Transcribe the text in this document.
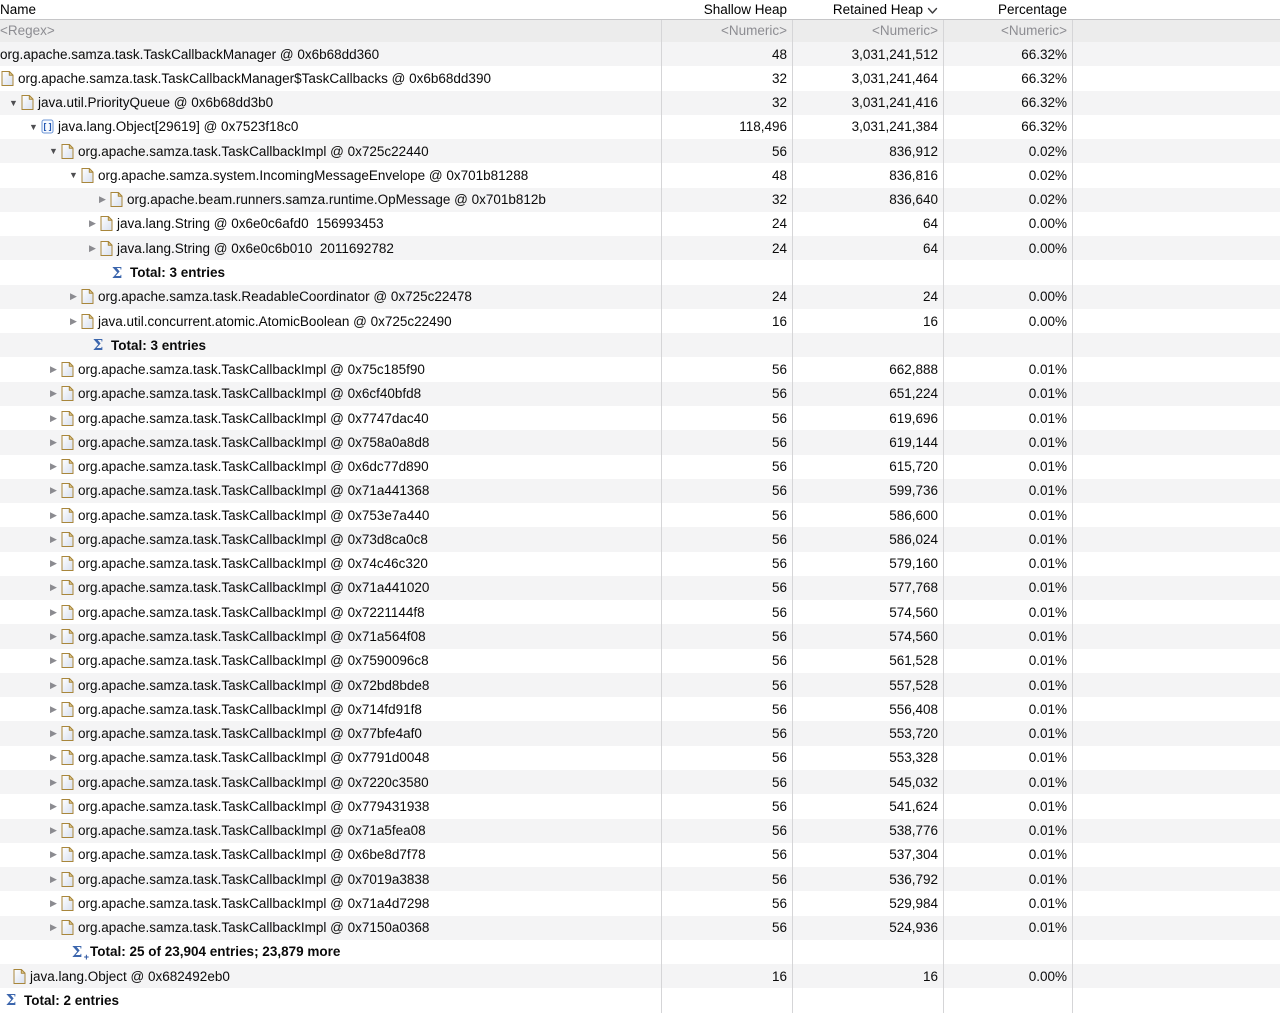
Name	Shallow Heap	Retained Heap	Percentage
<Regex>	<Numeric>	<Numeric>	<Numeric>
org.apache.samza.task.TaskCallbackManager @ 0x6b68dd360	48	3,031,241,512	66.32%
org.apache.samza.task.TaskCallbackManager$TaskCallbacks @ 0x6b68dd390	32	3,031,241,464	66.32%
▼ java.util.PriorityQueue @ 0x6b68dd3b0	32	3,031,241,416	66.32%
▼ [] java.lang.Object[29619] @ 0x7523f18c0	118,496	3,031,241,384	66.32%
▼ org.apache.samza.task.TaskCallbackImpl @ 0x725c22440	56	836,912	0.02%
▼ org.apache.samza.system.IncomingMessageEnvelope @ 0x701b81288	48	836,816	0.02%
▶ org.apache.beam.runners.samza.runtime.OpMessage @ 0x701b812b	32	836,640	0.02%
▶ java.lang.String @ 0x6e0c6afd0  156993453	24	64	0.00%
▶ java.lang.String @ 0x6e0c6b010  2011692782	24	64	0.00%
Σ Total: 3 entries
▶ org.apache.samza.task.ReadableCoordinator @ 0x725c22478	24	24	0.00%
▶ java.util.concurrent.atomic.AtomicBoolean @ 0x725c22490	16	16	0.00%
Σ Total: 3 entries
▶ org.apache.samza.task.TaskCallbackImpl @ 0x75c185f90	56	662,888	0.01%
▶ org.apache.samza.task.TaskCallbackImpl @ 0x6cf40bfd8	56	651,224	0.01%
▶ org.apache.samza.task.TaskCallbackImpl @ 0x7747dac40	56	619,696	0.01%
▶ org.apache.samza.task.TaskCallbackImpl @ 0x758a0a8d8	56	619,144	0.01%
▶ org.apache.samza.task.TaskCallbackImpl @ 0x6dc77d890	56	615,720	0.01%
▶ org.apache.samza.task.TaskCallbackImpl @ 0x71a441368	56	599,736	0.01%
▶ org.apache.samza.task.TaskCallbackImpl @ 0x753e7a440	56	586,600	0.01%
▶ org.apache.samza.task.TaskCallbackImpl @ 0x73d8ca0c8	56	586,024	0.01%
▶ org.apache.samza.task.TaskCallbackImpl @ 0x74c46c320	56	579,160	0.01%
▶ org.apache.samza.task.TaskCallbackImpl @ 0x71a441020	56	577,768	0.01%
▶ org.apache.samza.task.TaskCallbackImpl @ 0x7221144f8	56	574,560	0.01%
▶ org.apache.samza.task.TaskCallbackImpl @ 0x71a564f08	56	574,560	0.01%
▶ org.apache.samza.task.TaskCallbackImpl @ 0x7590096c8	56	561,528	0.01%
▶ org.apache.samza.task.TaskCallbackImpl @ 0x72bd8bde8	56	557,528	0.01%
▶ org.apache.samza.task.TaskCallbackImpl @ 0x714fd91f8	56	556,408	0.01%
▶ org.apache.samza.task.TaskCallbackImpl @ 0x77bfe4af0	56	553,720	0.01%
▶ org.apache.samza.task.TaskCallbackImpl @ 0x7791d0048	56	553,328	0.01%
▶ org.apache.samza.task.TaskCallbackImpl @ 0x7220c3580	56	545,032	0.01%
▶ org.apache.samza.task.TaskCallbackImpl @ 0x779431938	56	541,624	0.01%
▶ org.apache.samza.task.TaskCallbackImpl @ 0x71a5fea08	56	538,776	0.01%
▶ org.apache.samza.task.TaskCallbackImpl @ 0x6be8d7f78	56	537,304	0.01%
▶ org.apache.samza.task.TaskCallbackImpl @ 0x7019a3838	56	536,792	0.01%
▶ org.apache.samza.task.TaskCallbackImpl @ 0x71a4d7298	56	529,984	0.01%
▶ org.apache.samza.task.TaskCallbackImpl @ 0x7150a0368	56	524,936	0.01%
Σ + Total: 25 of 23,904 entries; 23,879 more
java.lang.Object @ 0x682492eb0	16	16	0.00%
Σ Total: 2 entries
